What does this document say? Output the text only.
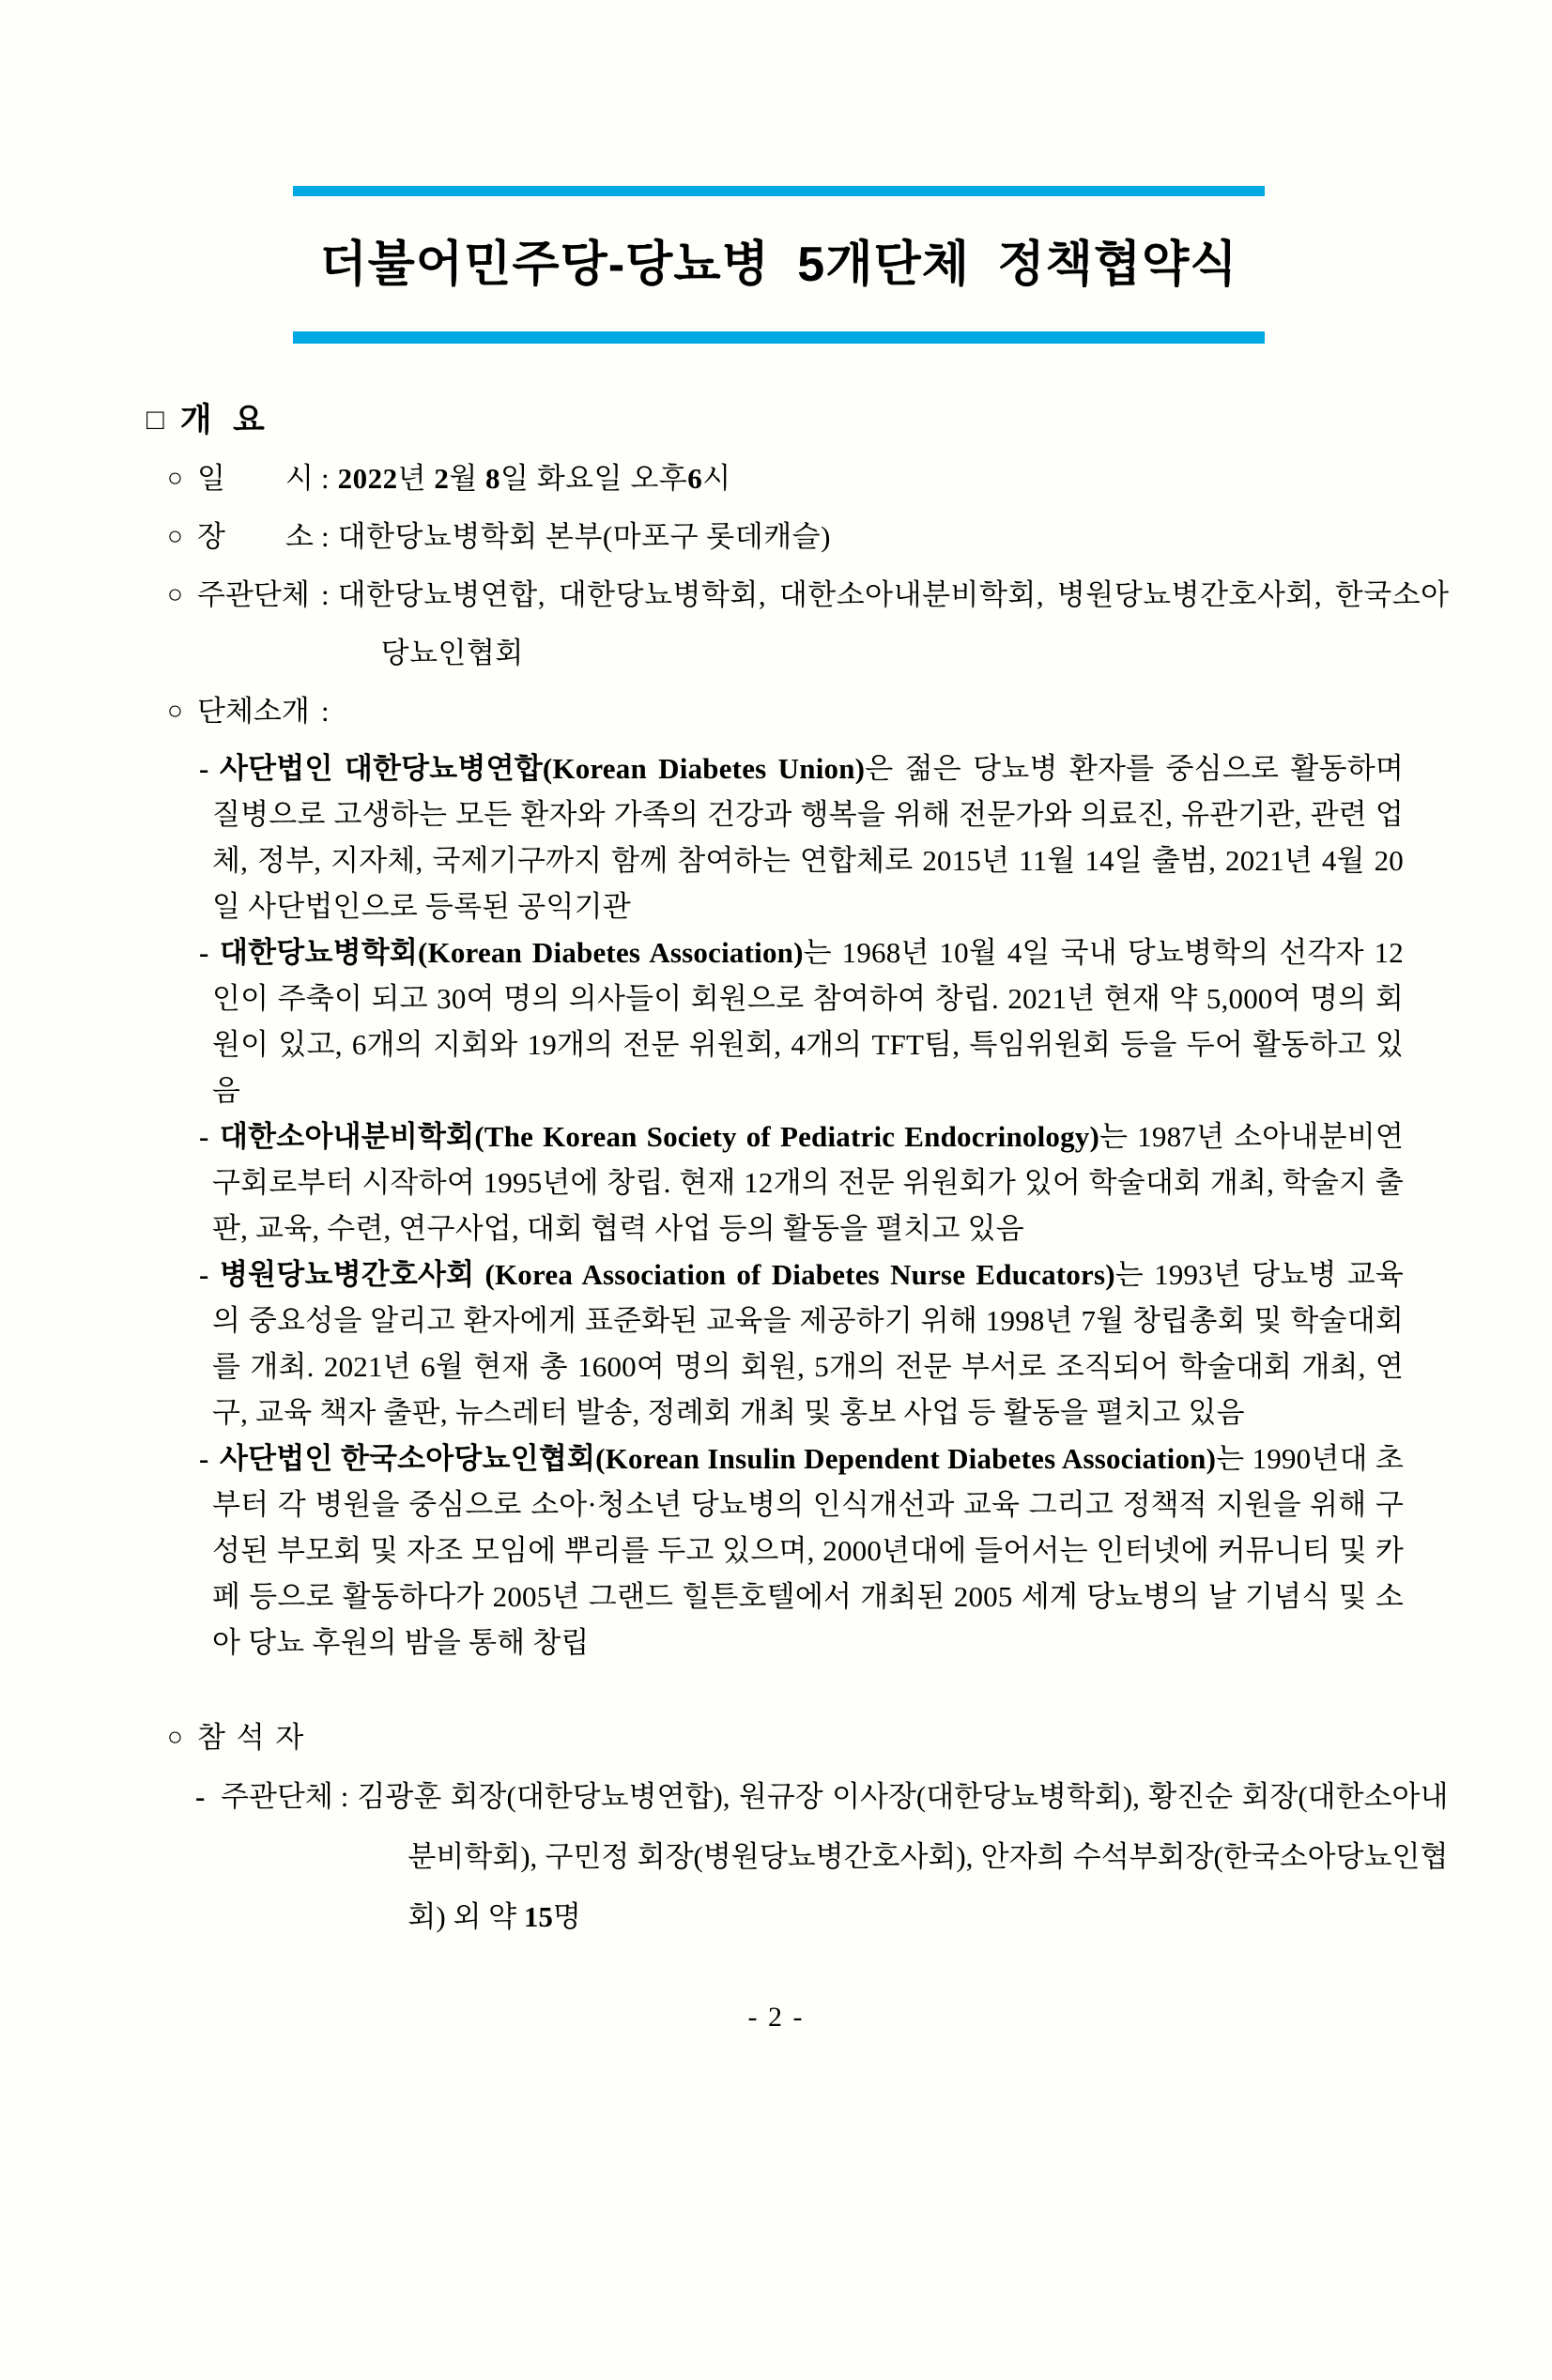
더불어민주당-당뇨병 5개단체 정책협약식
□ 개  요
○ 일 시 : 2022년 2월 8일 화요일 오후6시
○ 장 소 : 대한당뇨병학회 본부(마포구 롯데캐슬)
○ 주관단체 : 대한당뇨병연합, 대한당뇨병학회, 대한소아내분비학회, 병원당뇨병간호사회, 한국소아당뇨인협회
○ 단체소개 :
- 사단법인 대한당뇨병연합(Korean Diabetes Union)은 젊은 당뇨병 환자를 중심으로 활동하며 질병으로 고생하는 모든 환자와 가족의 건강과 행복을 위해 전문가와 의료진, 유관기관, 관련 업체, 정부, 지자체, 국제기구까지 함께 참여하는 연합체로 2015년 11월 14일 출범, 2021년 4월 20일 사단법인으로 등록된 공익기관
- 대한당뇨병학회(Korean Diabetes Association)는 1968년 10월 4일 국내 당뇨병학의 선각자 12인이 주축이 되고 30여 명의 의사들이 회원으로 참여하여 창립. 2021년 현재 약 5,000여 명의 회원이 있고, 6개의 지회와 19개의 전문 위원회, 4개의 TFT팀, 특임위원회 등을 두어 활동하고 있음
- 대한소아내분비학회(The Korean Society of Pediatric Endocrinology)는 1987년 소아내분비연구회로부터 시작하여 1995년에 창립. 현재 12개의 전문 위원회가 있어 학술대회 개최, 학술지 출판, 교육, 수련, 연구사업, 대회 협력 사업 등의 활동을 펼치고 있음
- 병원당뇨병간호사회 (Korea Association of Diabetes Nurse Educators)는 1993년 당뇨병 교육의 중요성을 알리고 환자에게 표준화된 교육을 제공하기 위해 1998년 7월 창립총회 및 학술대회를 개최. 2021년 6월 현재 총 1600여 명의 회원, 5개의 전문 부서로 조직되어 학술대회 개최, 연구, 교육 책자 출판, 뉴스레터 발송, 정례회 개최 및 홍보 사업 등 활동을 펼치고 있음
- 사단법인 한국소아당뇨인협회(Korean Insulin Dependent Diabetes Association)는 1990년대 초부터 각 병원을 중심으로 소아·청소년 당뇨병의 인식개선과 교육 그리고 정책적 지원을 위해 구성된 부모회 및 자조 모임에 뿌리를 두고 있으며, 2000년대에 들어서는 인터넷에 커뮤니티 및 카페 등으로 활동하다가 2005년 그랜드 힐튼호텔에서 개최된 2005 세계 당뇨병의 날 기념식 및 소아 당뇨 후원의 밤을 통해 창립
○ 참 석 자
- 주관단체 : 김광훈 회장(대한당뇨병연합), 원규장 이사장(대한당뇨병학회), 황진순 회장(대한소아내분비학회), 구민정 회장(병원당뇨병간호사회), 안자희 수석부회장(한국소아당뇨인협회) 외 약 15명
- 2 -
